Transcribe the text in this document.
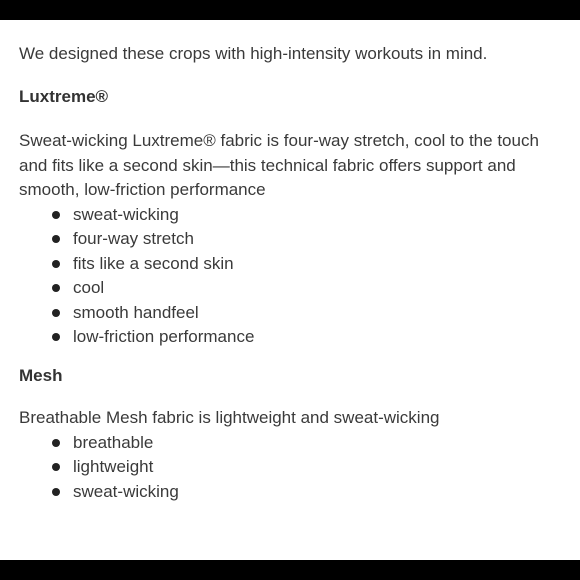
We designed these crops with high-intensity workouts in mind.

Luxtreme®

Sweat-wicking Luxtreme® fabric is four-way stretch, cool to the touch and fits like a second skin—this technical fabric offers support and smooth, low-friction performance

sweat-wicking
four-way stretch
fits like a second skin
cool
smooth handfeel
low-friction performance
Mesh

Breathable Mesh fabric is lightweight and sweat-wicking

breathable
lightweight
sweat-wicking
